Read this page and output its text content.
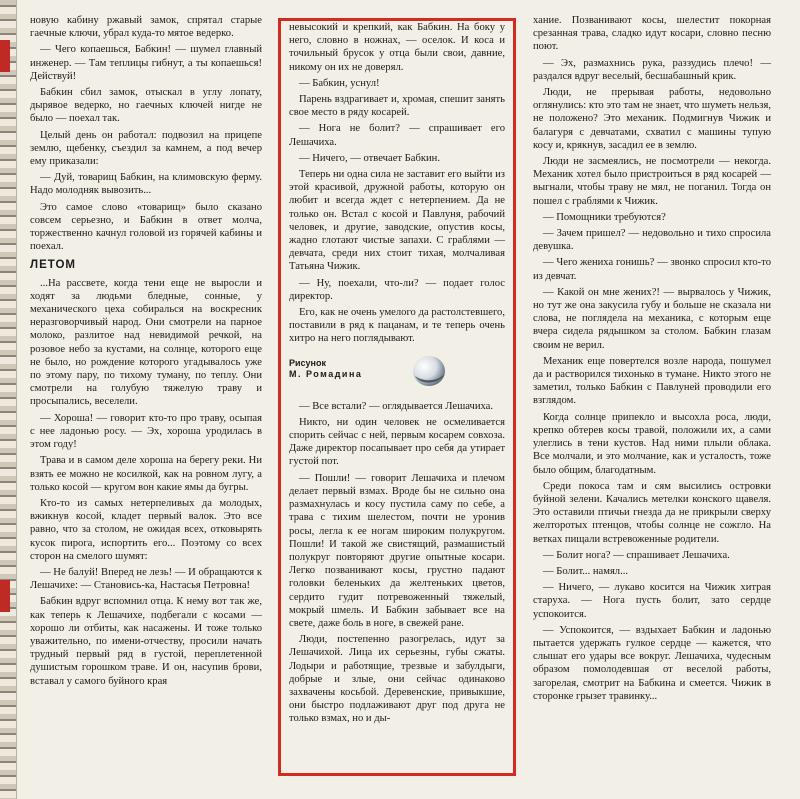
новую кабину ржавый замок, спрятал старые гаечные ключи, убрал куда-то мятое ведерко.

— Чего копаешься, Бабкин! — шумел главный инженер. — Там теплицы гибнут, а ты копаешься! Действуй!

Бабкин сбил замок, отыскал в углу лопату, дырявое ведерко, но гаечных ключей нигде не было — поехал так.

Целый день он работал: подвозил на прицепе землю, щебенку, съездил за камнем, а под вечер ему приказали:

— Дуй, товарищ Бабкин, на климовскую ферму. Надо молодняк вывозить...

Это самое слово «товарищ» было сказано совсем серьезно, и Бабкин в ответ молча, торжественно качнул головой из горячей кабины и поехал.

ЛЕТОМ

...На рассвете, когда тени еще не выросли и ходят за людьми бледные, сонные, у механического цеха собиралься на воскресник неразговорчивый народ. Они смотрели на парное молоко, разлитое над невидимой речкой, на розовое небо за кустами, на солнце, которого еще не было, но рождение которого угадывалось уже по этому пару, по тихому туману, по теплу. Они смотрели на голубую тяжелую траву и просыпались, веселели.

— Хороша! — говорит кто-то про траву, осыпая с нее ладонью росу. — Эх, хороша уродилась в этом году!

Трава и в самом деле хороша на берегу реки. Ни взять ее можно не косилкой, как на ровном лугу, а только косой — кругом вон какие ямы да бугры.

Кто-то из самых нетерпеливых да молодых, вжикнув косой, кладет первый валок. Это все равно, что за столом, не ожидая всех, отковырять кусок пирога, испортить его... Поэтому со всех сторон на смелого шумят:

— Не балуй! Вперед не лезь! — И обращаются к Лешачихе: — Становись-ка, Настасья Петровна!

Бабкин вдруг вспомнил отца. К нему вот так же, как теперь к Лешачихе, подбегали с косами — хорошо ли отбиты, как насажены. И тоже только уважительно, по имени-отчеству, просили начать трудный первый ряд в густой, переплетенной душистым горошком траве. И он, насупив брови, вставал у самого буйного края

невысокий и крепкий, как Бабкин. На боку у него, словно в ножнах, — оселок. И коса и точильный брусок у отца были свои, давние, никому он их не доверял.

— Бабкин, уснул!

Парень вздрагивает и, хромая, спешит занять свое место в ряду косарей.

— Нога не болит? — спрашивает его Лешачиха.

— Ничего, — отвечает Бабкин.

Теперь ни одна сила не заставит его выйти из этой красивой, дружной работы, которую он любит и всегда ждет с нетерпением. Да не только он. Встал с косой и Павлуня, рабочий человек, и другие, заводские, опустив косы, жадно глотают чистые запахи. С граблями — девчата, среди них стоит тихая, молчаливая Татьяна Чижик.

— Ну, поехали, что-ли? — подает голос директор.

Его, как не очень умелого да растолстевшего, поставили в ряд к пацанам, и те теперь очень хитро на него поглядывают.

Рисунок
М. Ромадина

— Все встали? — оглядывается Лешачиха.

Никто, ни один человек не осмеливается спорить сейчас с ней, первым косарем совхоза. Даже директор посапывает про себя да утирает густой пот.

— Пошли! — говорит Лешачиха и плечом делает первый взмах. Вроде бы не сильно она размахнулась и косу пустила саму по себе, а трава с тихим шелестом, почти не уронив росы, легла к ее ногам широким полукругом. Пошли! И такой же свистящий, размашистый полукруг повторяют другие опытные косари. Легко позванивают косы, грустно падают головки беленьких да желтеньких цветов, сердито гудит потревоженный тяжелый, мокрый шмель. И Бабкин забывает все на свете, даже боль в ноге, в свежей ране.

Люди, постепенно разогрелась, идут за Лешачихой. Лица их серьезны, губы сжаты. Лодыри и работящие, трезвые и забулдыги, добрые и злые, они сейчас одинаково захвачены косьбой. Деревенские, привыкшие, они быстро подлаживают друг под друга не только взмах, но и ды-

хание. Позванивают косы, шелестит покорная срезанная трава, сладко идут косари, словно песню поют.

— Эх, размахнись рука, раззудись плечо! — раздался вдруг веселый, бесшабашный крик.

Люди, не прерывая работы, недовольно оглянулись: кто это там не знает, что шуметь нельзя, не положено? Это механик. Подмигнув Чижик и балагуря с девчатами, схватил с машины тупую косу и, крякнув, засадил ее в землю.

Люди не засмеялись, не посмотрели — некогда. Механик хотел было пристроиться в ряд косарей — выгнали, чтобы траву не мял, не поганил. Тогда он пошел с граблями к Чижик.

— Помощники требуются?

— Зачем пришел? — недовольно и тихо спросила девушка.

— Чего жениха гонишь? — звонко спросил кто-то из девчат.

— Какой он мне жених?! — вырвалось у Чижик, но тут же она закусила губу и больше не сказала ни слова, не поглядела на механика, с которым еще вчера сидела рядышком за столом. Бабкин глазам своим не верил.

Механик еще повертелся возле народа, пошумел да и растворился тихонько в тумане. Никто этого не заметил, только Бабкин с Павлуней проводили его взглядом.

Когда солнце припекло и высохла роса, люди, крепко обтерев косы травой, положили их, а сами улеглись в тени кустов. Над ними плыли облака. Все молчали, и это молчание, как и усталость, тоже было общим, благодатным.

Среди покоса там и сям высились островки буйной зелени. Качались метелки конского щавеля. Это оставили птичьи гнезда да не прикрыли сверху желторотых птенцов, чтобы солнце не сожгло. На ветках пищали встревоженные родители.

— Болит нога? — спрашивает Лешачиха.

— Болит... намял...

— Ничего, — лукаво косится на Чижик хитрая старуха. — Нога пусть болит, зато сердце успокоится.

— Успокоится, — вздыхает Бабкин и ладонью пытается удержать гулкое сердце — кажется, что слышат его удары все вокруг. Лешачиха, чудесным образом помолодевшая от веселой работы, загорелая, смотрит на Бабкина и смеется. Чижик в сторонке грызет травинку...
